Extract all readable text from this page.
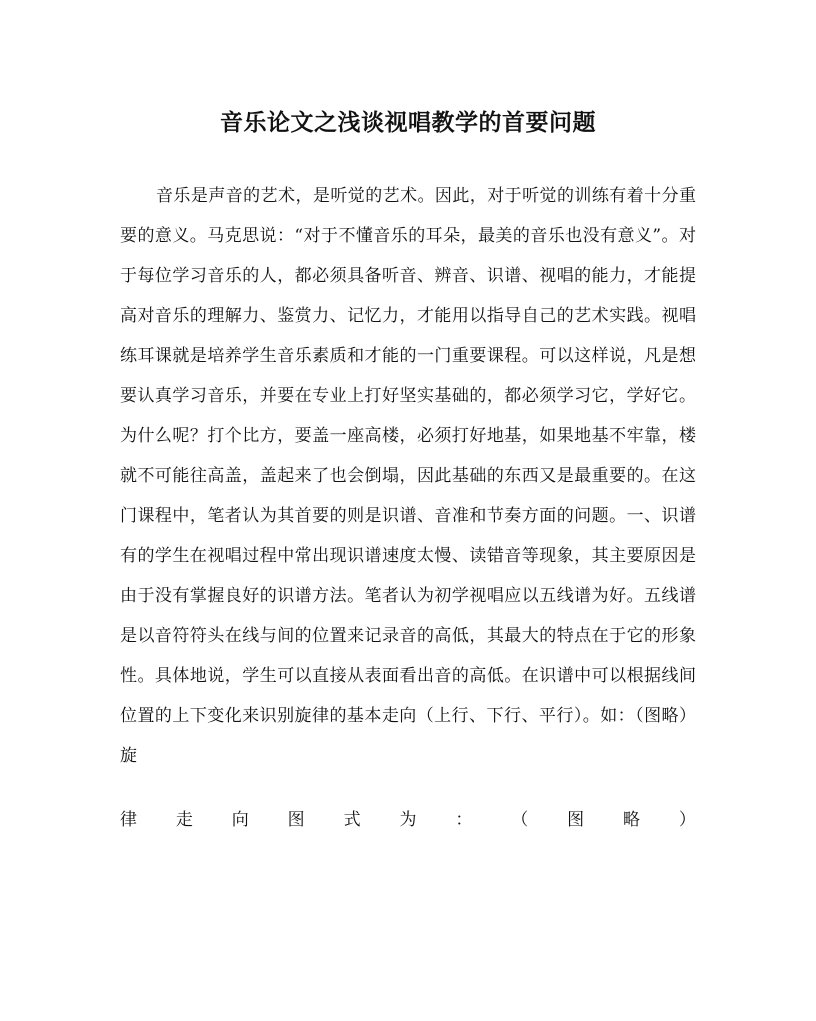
音乐论文之浅谈视唱教学的首要问题

音乐是声音的艺术，是听觉的艺术。因此，对于听觉的训练有着十分重要的意义。马克思说：“对于不懂音乐的耳朵，最美的音乐也没有意义”。对于每位学习音乐的人，都必须具备听音、辨音、识谱、视唱的能力，才能提高对音乐的理解力、鉴赏力、记忆力，才能用以指导自己的艺术实践。视唱练耳课就是培养学生音乐素质和才能的一门重要课程。可以这样说，凡是想要认真学习音乐，并要在专业上打好坚实基础的，都必须学习它，学好它。为什么呢？打个比方，要盖一座高楼，必须打好地基，如果地基不牢靠，楼就不可能往高盖，盖起来了也会倒塌，因此基础的东西又是最重要的。在这门课程中，笔者认为其首要的则是识谱、音准和节奏方面的问题。一、识谱有的学生在视唱过程中常出现识谱速度太慢、读错音等现象，其主要原因是由于没有掌握良好的识谱方法。笔者认为初学视唱应以五线谱为好。五线谱是以音符符头在线与间的位置来记录音的高低，其最大的特点在于它的形象性。具体地说，学生可以直接从表面看出音的高低。在识谱中可以根据线间位置的上下变化来识别旋律的基本走向（上行、下行、平行）。如：（图略）旋

律 走 向 图 式 为 ： （ 图 略 ）
